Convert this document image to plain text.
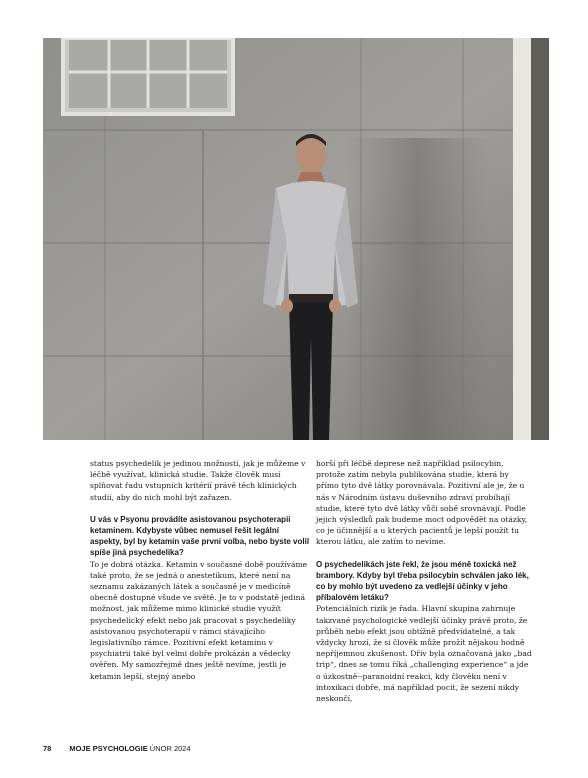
status psychedelik je jedinou možností, jak je můžeme v léčbě využívat, klinická studie. Takže člověk musí splňovat řadu vstupních kritérií právě těch klinických studií, aby do nich mohl být zařazen.

U vás v Psyonu provádíte asistovanou psychoterapii ketaminem. Kdybyste vůbec nemusel řešit legální aspekty, byl by ketamin vaše první volba, nebo byste volil spíše jiná psychedelika?

To je dobrá otázka. Ketamin v současné době používáme také proto, že se jedná o anestetikum, které není na seznamu zakázaných látek a současně je v medicíně obecně dostupné všude ve světě. Je to v podstatě jediná možnost, jak můžeme mimo klinické studie využít psychedelický efekt nebo jak pracovat s psychedeliky asistovanou psychoterapií v rámci stávajícího legislativního rámce. Pozitivní efekt ketaminu v psychiatrii také byl velmi dobře prokázán a vědecky ověřen. My samozřejmě dnes ještě nevíme, jestli je ketamin lepší, stejný anebo

horší při léčbě deprese než například psilocybin, protože zatím nebyla publikována studie, která by přímo tyto dvě látky porovnávala. Pozitivní ale je, že u nás v Národním ústavu duševního zdraví probíhají studie, které tyto dvě látky vůči sobě srovnávají. Podle jejich výsledků pak budeme moct odpovědět na otázky, co je účinnější a u kterých pacientů je lepší použít tu kterou látku, ale zatím to nevíme.

O psychedelikách jste řekl, že jsou méně toxická než brambory. Kdyby byl třeba psilocybin schválen jako lék, co by mohlo být uvedeno za vedlejší účinky v jeho příbalovém letáku?

Potenciálních rizik je řada. Hlavní skupina zahrnuje takzvané psychologické vedlejší účinky právě proto, že průběh nebo efekt jsou obtížně předvídatelné, a tak vždycky hrozí, že si člověk může prožít nějakou hodně nepříjemnou zkušenost. Dřív byla označovaná jako „bad trip“, dnes se tomu říká „challenging experience“ a jde o úzkostně-‑paranoidní reakci, kdy člověku není v intoxikaci dobře, má například pocit, že sezení nikdy neskončí,

78 MOJE PSYCHOLOGIE ÚNOR 2024
